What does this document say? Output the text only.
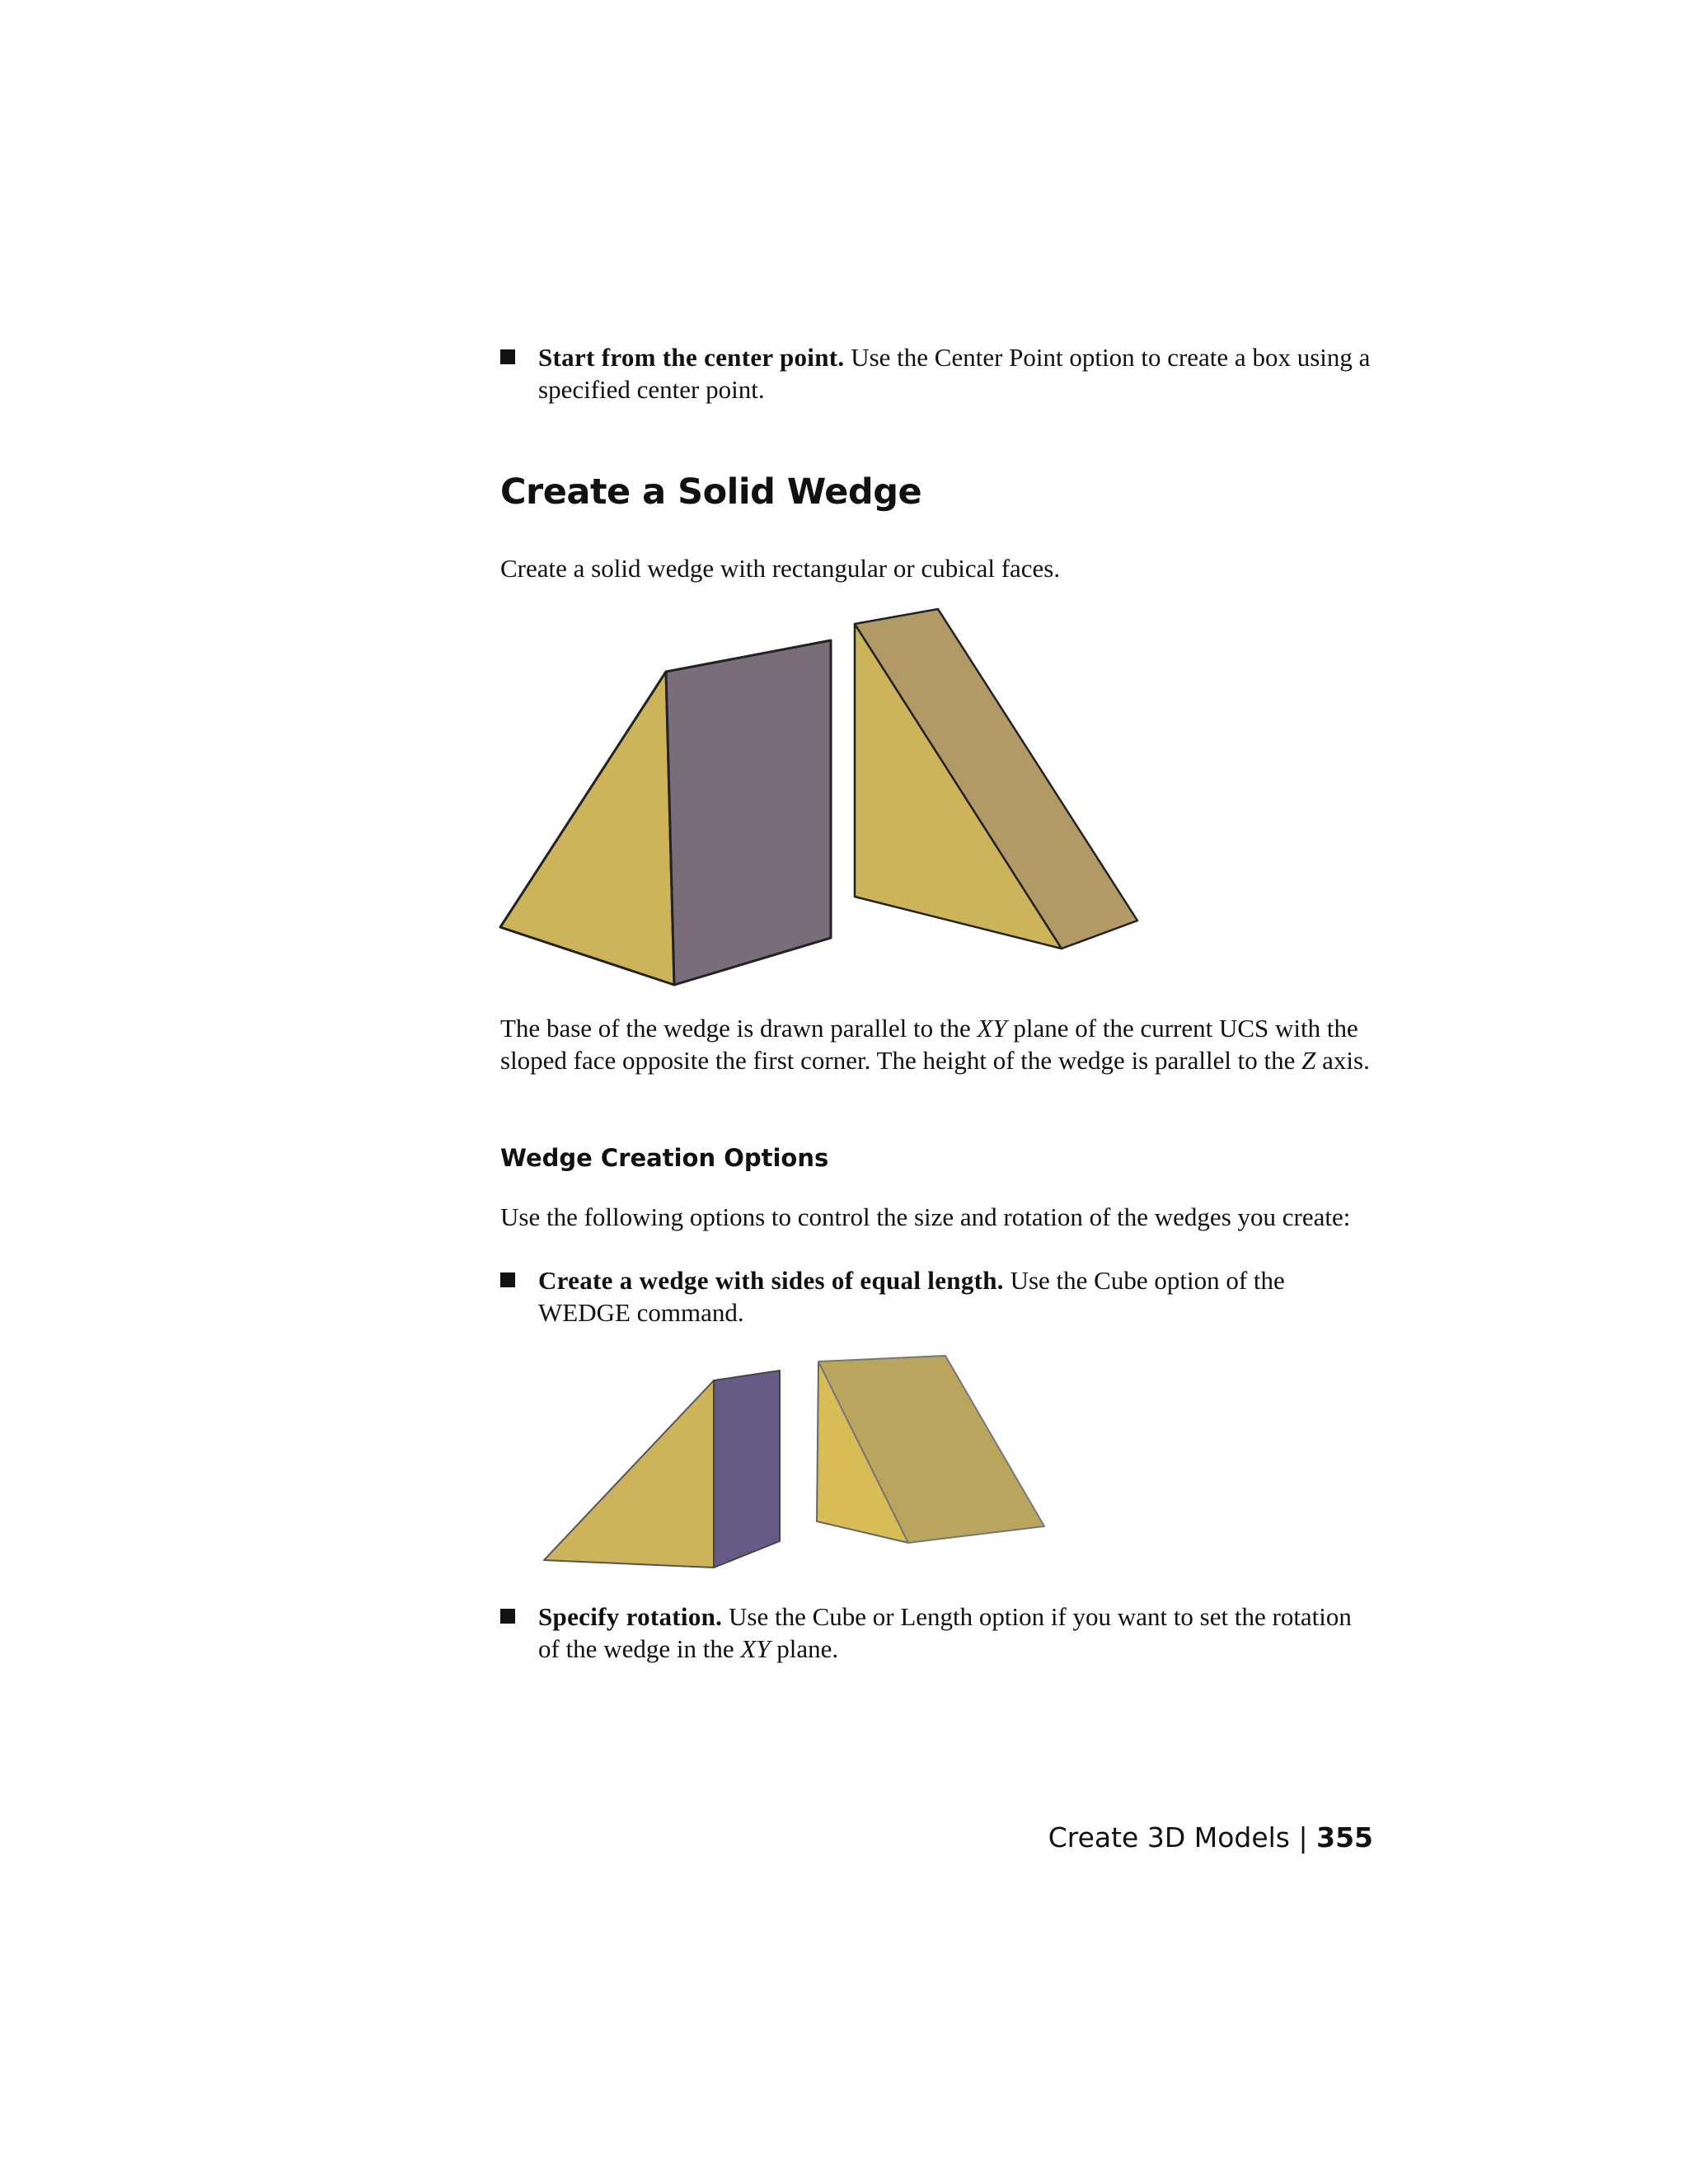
Start from the center point. Use the Center Point option to create a box using a specified center point.
Create a Solid Wedge
Create a solid wedge with rectangular or cubical faces.
The base of the wedge is drawn parallel to the XY plane of the current UCS with the sloped face opposite the first corner. The height of the wedge is parallel to the Z axis.
Wedge Creation Options
Use the following options to control the size and rotation of the wedges you create:
Create a wedge with sides of equal length. Use the Cube option of the WEDGE command.
Specify rotation. Use the Cube or Length option if you want to set the rotation of the wedge in the XY plane.
Create 3D Models | 355
